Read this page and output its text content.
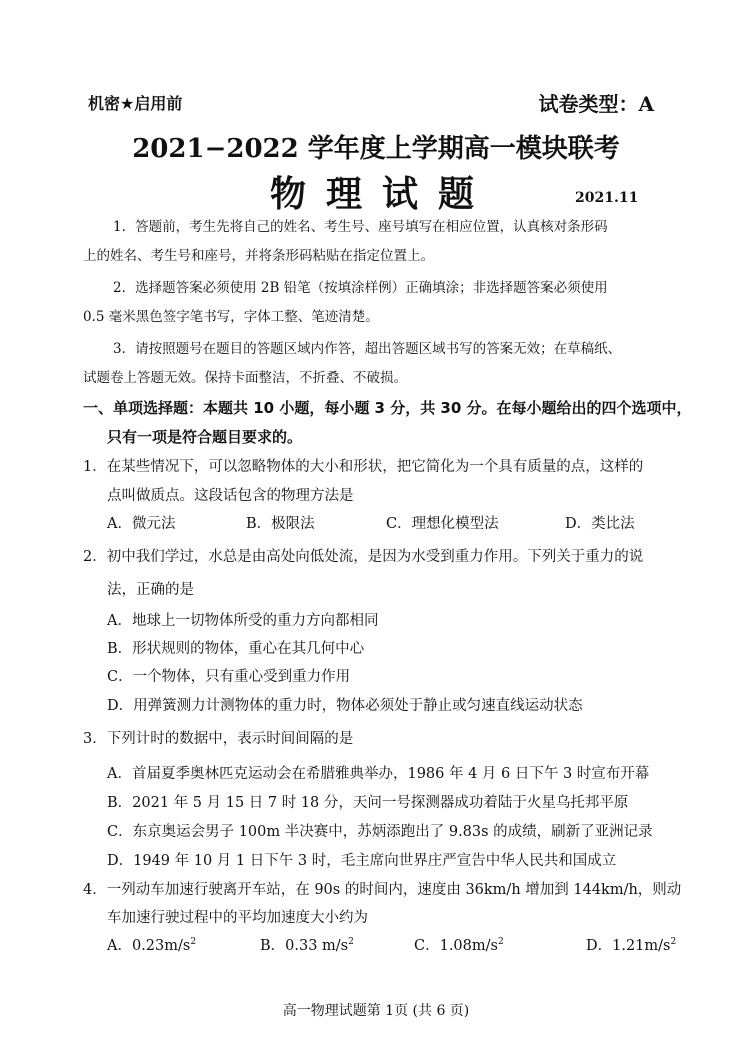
机密★启用前	试卷类型：A
2021−2022 学年度上学期高一模块联考
物理试题	2021.11
1．答题前，考生先将自己的姓名、考生号、座号填写在相应位置，认真核对条形码
上的姓名、考生号和座号，并将条形码粘贴在指定位置上。
2．选择题答案必须使用 2B 铅笔（按填涂样例）正确填涂；非选择题答案必须使用
0.5 毫米黑色签字笔书写，字体工整、笔迹清楚。
3．请按照题号在题目的答题区域内作答，超出答题区域书写的答案无效；在草稿纸、
试题卷上答题无效。保持卡面整洁，不折叠、不破损。
一、单项选择题：本题共 10 小题，每小题 3 分，共 30 分。在每小题给出的四个选项中，
只有一项是符合题目要求的。
1．在某些情况下，可以忽略物体的大小和形状，把它简化为一个具有质量的点，这样的
点叫做质点。这段话包含的物理方法是
A．微元法	B．极限法	C．理想化模型法	D．类比法
2．初中我们学过，水总是由高处向低处流，是因为水受到重力作用。下列关于重力的说
法，正确的是
A．地球上一切物体所受的重力方向都相同
B．形状规则的物体，重心在其几何中心
C．一个物体，只有重心受到重力作用
D．用弹簧测力计测物体的重力时，物体必须处于静止或匀速直线运动状态
3．下列计时的数据中，表示时间间隔的是
A．首届夏季奥林匹克运动会在希腊雅典举办，1986 年 4 月 6 日下午 3 时宣布开幕
B．2021 年 5 月 15 日 7 时 18 分，天问一号探测器成功着陆于火星乌托邦平原
C．东京奥运会男子 100m 半决赛中，苏炳添跑出了 9.83s 的成绩，刷新了亚洲记录
D．1949 年 10 月 1 日下午 3 时，毛主席向世界庄严宣告中华人民共和国成立
4．一列动车加速行驶离开车站，在 90s 的时间内，速度由 36km/h 增加到 144km/h，则动
车加速行驶过程中的平均加速度大小约为
A．$0.23m/s^2$	B．0.33 $m/s^2$	C．$1.08m/s^2$	D．$1.21m/s^2$
高一物理试题第 1页 (共 6 页)
